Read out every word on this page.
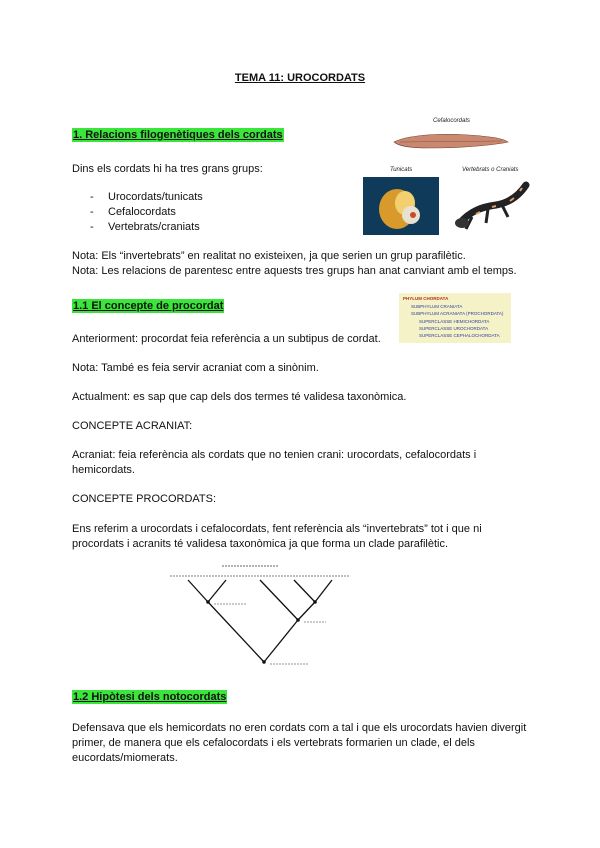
TEMA 11: UROCORDATS
1. Relacions filogenètiques dels cordats
Dins els cordats hi ha tres grans grups:
- Urocordats/tunicats
- Cefalocordats
- Vertebrats/craniats
Cefalocordats
Tunicats	Vertebrats o Craniats
Nota: Els “invertebrats” en realitat no existeixen, ja que serien un grup parafilètic.
Nota: Les relacions de parentesc entre aquests tres grups han anat canviant amb el temps.
1.1 El concepte de procordat
PHYLUM CHORDATA
SUBPHYLUM CRANIATA
SUBPHYLUM ACRANIATA (PROCHORDATA)
SUPERCLASSE HEMICHORDATA
SUPERCLASSE UROCHORDATA
SUPERCLASSE CEPHALOCHORDATA
Anteriorment: procordat feia referència a un subtipus de cordat.
Nota: També es feia servir acraniat com a sinònim.
Actualment: es sap que cap dels dos termes té validesa taxonòmica.
CONCEPTE ACRANIAT:
Acraniat: feia referència als cordats que no tenien crani: urocordats, cefalocordats i hemicordats.
CONCEPTE PROCORDATS:
Ens referim a urocordats i cefalocordats, fent referència als “invertebrats” tot i que ni procordats i acranits té validesa taxonòmica ja que forma un clade parafilètic.
1.2 Hipòtesi dels notocordats
Defensava que els hemicordats no eren cordats com a tal i que els urocordats havien divergit primer, de manera que els cefalocordats i els vertebrats formarien un clade, el dels eucordats/miomerats.
